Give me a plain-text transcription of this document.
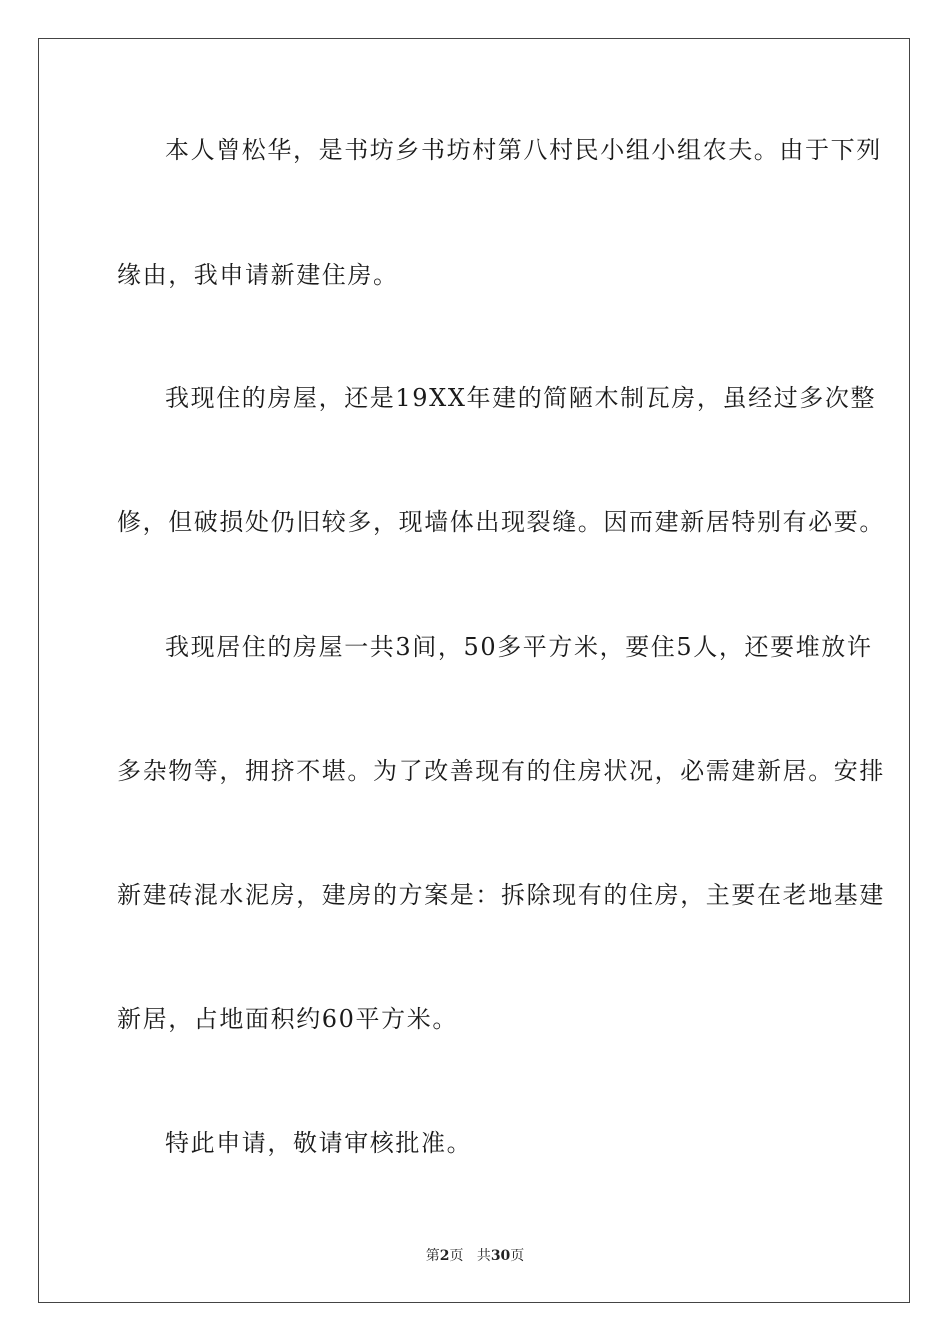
本人曾松华，是书坊乡书坊村第八村民小组小组农夫。由于下列
缘由，我申请新建住房。
我现住的房屋，还是19XX年建的简陋木制瓦房，虽经过多次整
修，但破损处仍旧较多，现墙体出现裂缝。因而建新居特别有必要。
我现居住的房屋一共3间，50多平方米，要住5人，还要堆放许
多杂物等，拥挤不堪。为了改善现有的住房状况，必需建新居。安排
新建砖混水泥房，建房的方案是：拆除现有的住房，主要在老地基建
新居，占地面积约60平方米。
特此申请，敬请审核批准。
第2页 共30页
